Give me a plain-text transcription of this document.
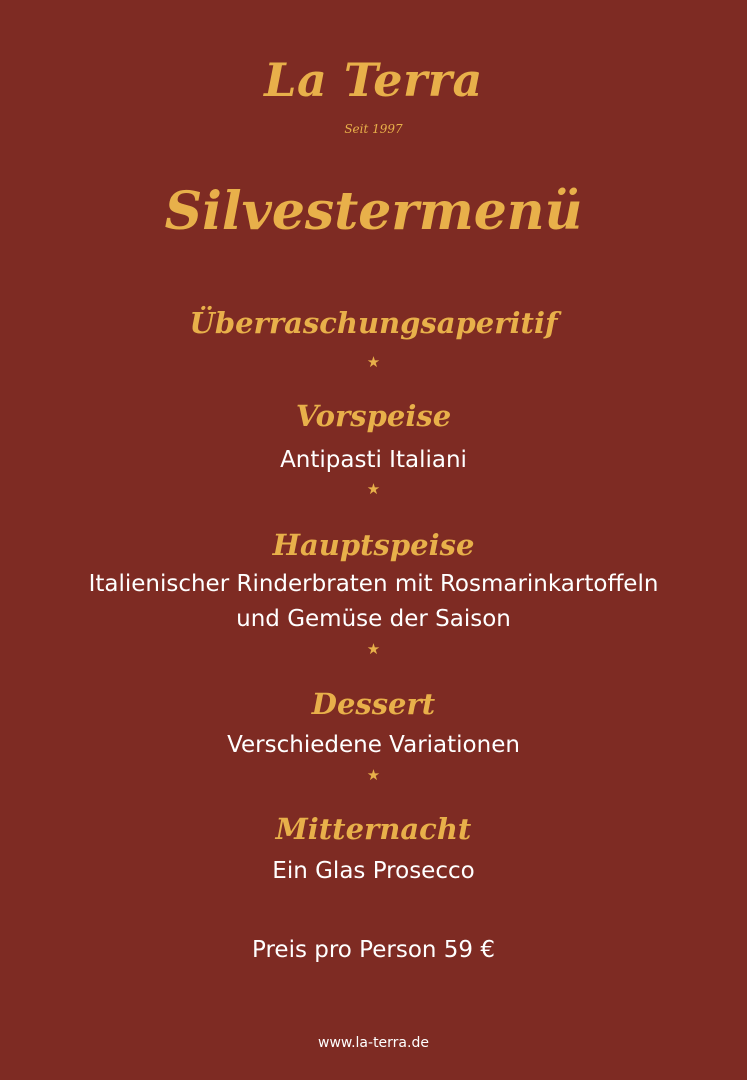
La Terra
Seit 1997
Silvestermenü
Überraschungsaperitif
★
Vorspeise
Antipasti Italiani
★
Hauptspeise
Italienischer Rinderbraten mit Rosmarinkartoffeln
und Gemüse der Saison
★
Dessert
Verschiedene Variationen
★
Mitternacht
Ein Glas Prosecco
Preis pro Person 59 €
www.la-terra.de
